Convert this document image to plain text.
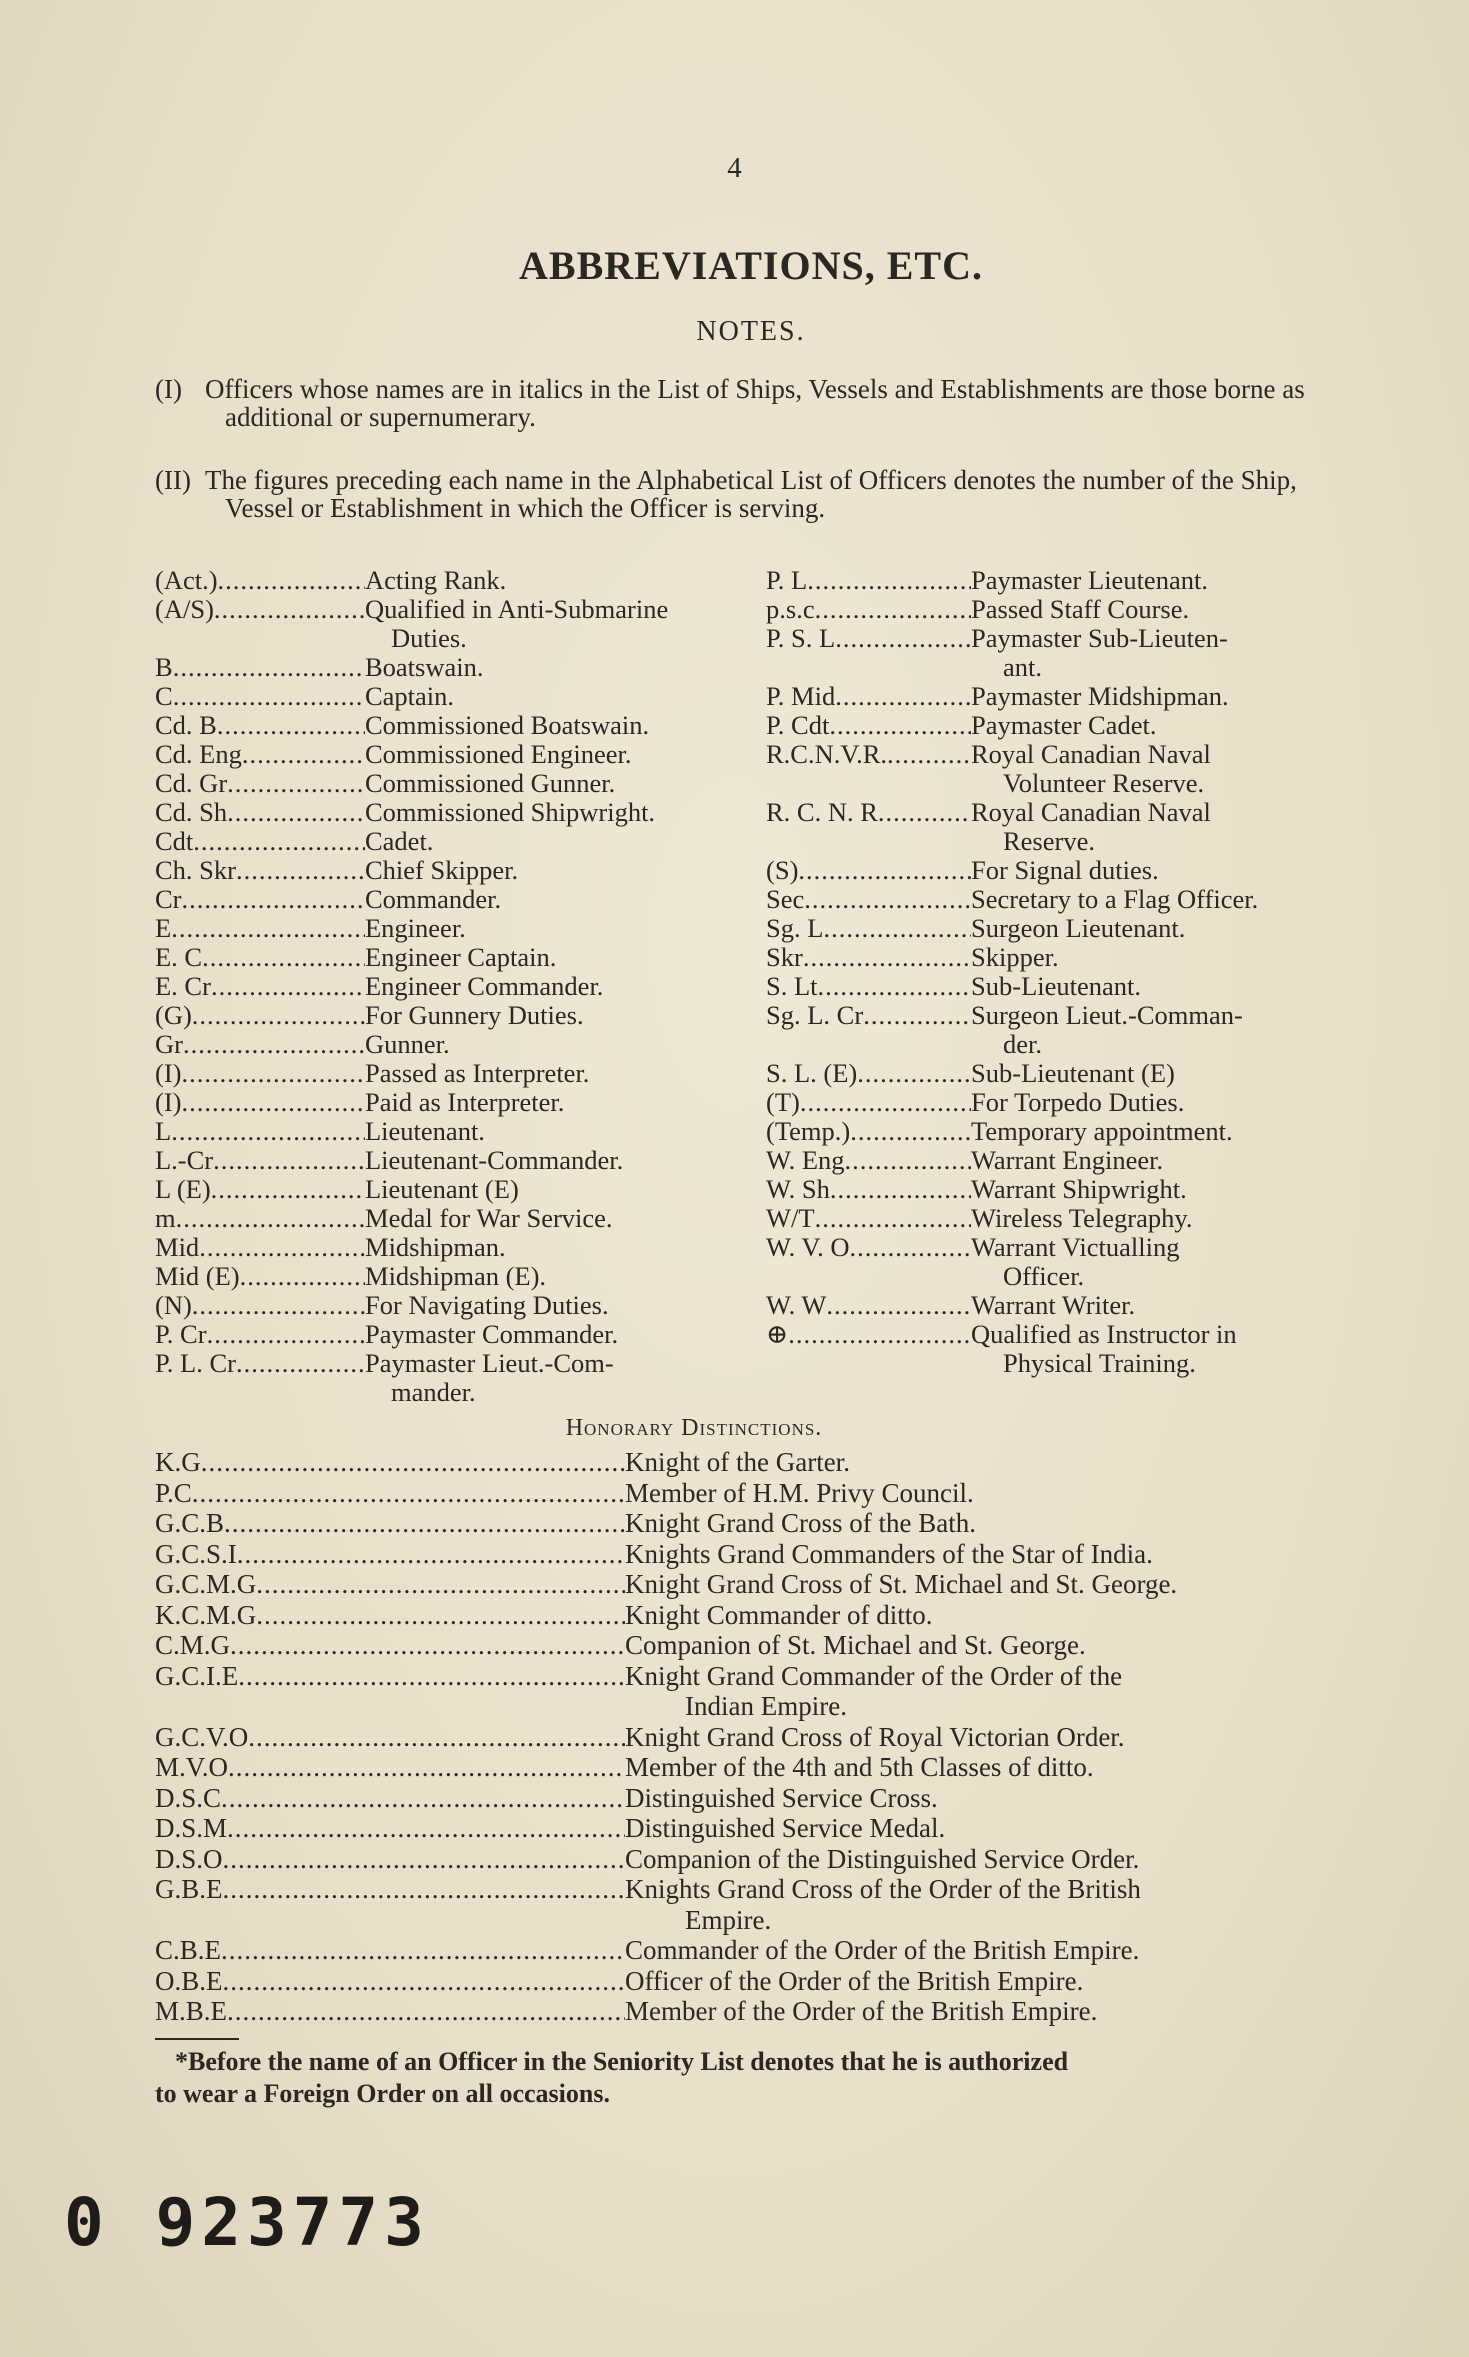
4
ABBREVIATIONS, ETC.
NOTES.
(I) Officers whose names are in italics in the List of Ships, Vessels and Establishments are those borne as additional or supernumerary.
(II) The figures preceding each name in the Alphabetical List of Officers denotes the number of the Ship, Vessel or Establishment in which the Officer is serving.
(Act.) .....	Acting Rank.
(A/S) .....	Qualified in Anti-Submarine
Duties.
B .....	Boatswain.
C .....	Captain.
Cd. B .....	Commissioned Boatswain.
Cd. Eng .....	Commissioned Engineer.
Cd. Gr .....	Commissioned Gunner.
Cd. Sh .....	Commissioned Shipwright.
Cdt .....	Cadet.
Ch. Skr .....	Chief Skipper.
Cr .....	Commander.
E .....	Engineer.
E. C .....	Engineer Captain.
E. Cr .....	Engineer Commander.
(G) .....	For Gunnery Duties.
Gr .....	Gunner.
(I) .....	Passed as Interpreter.
(I) .....	Paid as Interpreter.
L .....	Lieutenant.
L.-Cr .....	Lieutenant-Commander.
L (E) .....	Lieutenant (E)
m .....	Medal for War Service.
Mid .....	Midshipman.
Mid (E) .....	Midshipman (E).
(N) .....	For Navigating Duties.
P. Cr .....	Paymaster Commander.
P. L. Cr .....	Paymaster Lieut.-Com-
mander.
P. L .....	Paymaster Lieutenant.
p.s.c .....	Passed Staff Course.
P. S. L .....	Paymaster Sub-Lieuten-
ant.
P. Mid .....	Paymaster Midshipman.
P. Cdt .....	Paymaster Cadet.
R.C.N.V.R. .....	Royal Canadian Naval
Volunteer Reserve.
R. C. N. R .....	Royal Canadian Naval
Reserve.
(S) .....	For Signal duties.
Sec .....	Secretary to a Flag Officer.
Sg. L .....	Surgeon Lieutenant.
Skr .....	Skipper.
S. Lt .....	Sub-Lieutenant.
Sg. L. Cr .....	Surgeon Lieut.-Comman-
der.
S. L. (E) .....	Sub-Lieutenant (E)
(T) .....	For Torpedo Duties.
(Temp.) .....	Temporary appointment.
W. Eng .....	Warrant Engineer.
W. Sh .....	Warrant Shipwright.
W/T .....	Wireless Telegraphy.
W. V. O .....	Warrant Victualling
Officer.
W. W .....	Warrant Writer.
⊕ .....	Qualified as Instructor in
Physical Training.
Honorary Distinctions.
K.G .....	Knight of the Garter.
P.C .....	Member of H.M. Privy Council.
G.C.B .....	Knight Grand Cross of the Bath.
G.C.S.I .....	Knights Grand Commanders of the Star of India.
G.C.M.G .....	Knight Grand Cross of St. Michael and St. George.
K.C.M.G .....	Knight Commander of ditto.
C.M.G .....	Companion of St. Michael and St. George.
G.C.I.E .....	Knight Grand Commander of the Order of the
Indian Empire.
G.C.V.O .....	Knight Grand Cross of Royal Victorian Order.
M.V.O .....	Member of the 4th and 5th Classes of ditto.
D.S.C .....	Distinguished Service Cross.
D.S.M .....	Distinguished Service Medal.
D.S.O .....	Companion of the Distinguished Service Order.
G.B.E .....	Knights Grand Cross of the Order of the British
Empire.
C.B.E .....	Commander of the Order of the British Empire.
O.B.E .....	Officer of the Order of the British Empire.
M.B.E .....	Member of the Order of the British Empire.
*Before the name of an Officer in the Seniority List denotes that he is authorized
to wear a Foreign Order on all occasions.
0 923773
